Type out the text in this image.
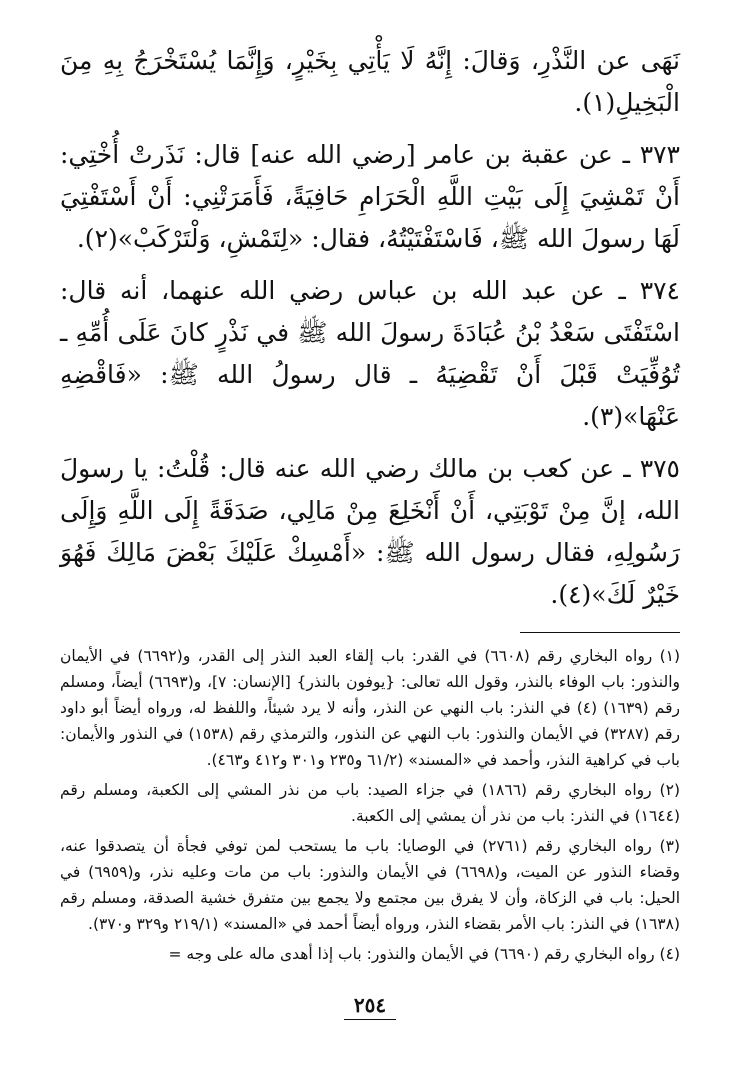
نَهَى عن النَّذْرِ، وَقالَ: إِنَّهُ لَا يَأْتِي بِخَيْرٍ، وَإِنَّمَا يُسْتَخْرَجُ بِهِ مِنَ الْبَخِيلِ(١).

٣٧٣ ـ عن عقبة بن عامر [رضي الله عنه] قال: نَذَرتْ أُخْتِي: أَنْ تَمْشِيَ إِلَى بَيْتِ اللَّهِ الْحَرَامِ حَافِيَةً، فَأَمَرَتْنِي: أَنْ أَسْتَفْتِيَ لَهَا رسولَ الله ﷺ، فَاسْتَفْتَيْتُهُ، فقال: «لِتَمْشِ، وَلْتَرْكَبْ»(٢).

٣٧٤ ـ عن عبد الله بن عباس رضي الله عنهما، أنه قال: اسْتَفْتَى سَعْدُ بْنُ عُبَادَةَ رسولَ الله ﷺ في نَذْرٍ كانَ عَلَى أُمِّهِ ـ تُوُفِّيَتْ قَبْلَ أَنْ تَقْضِيَهُ ـ قال رسولُ الله ﷺ: «فَاقْضِهِ عَنْهَا»(٣).

٣٧٥ ـ عن كعب بن مالك رضي الله عنه قال: قُلْتُ: يا رسولَ الله، إنَّ مِنْ تَوْبَتِي، أَنْ أَنْخَلِعَ مِنْ مَالِي، صَدَقَةً إِلَى اللَّهِ وَإِلَى رَسُولِهِ، فقال رسول الله ﷺ: «أَمْسِكْ عَلَيْكَ بَعْضَ مَالِكَ فَهُوَ خَيْرٌ لَكَ»(٤).

(١) رواه البخاري رقم (٦٦٠٨) في القدر: باب إلقاء العبد النذر إلى القدر، و(٦٦٩٢) في الأيمان والنذور: باب الوفاء بالنذر، وقول الله تعالى: {يوفون بالنذر} [الإنسان: ٧]، و(٦٦٩٣) أيضاً، ومسلم رقم (١٦٣٩) (٤) في النذر: باب النهي عن النذر، وأنه لا يرد شيئاً، واللفظ له، ورواه أيضاً أبو داود رقم (٣٢٨٧) في الأيمان والنذور: باب النهي عن النذور، والترمذي رقم (١٥٣٨) في النذور والأيمان: باب في كراهية النذر، وأحمد في «المسند» (٦١/٢ و٢٣٥ و٣٠١ و٤١٢ و٤٦٣).

(٢) رواه البخاري رقم (١٨٦٦) في جزاء الصيد: باب من نذر المشي إلى الكعبة، ومسلم رقم (١٦٤٤) في النذر: باب من نذر أن يمشي إلى الكعبة.

(٣) رواه البخاري رقم (٢٧٦١) في الوصايا: باب ما يستحب لمن توفي فجأة أن يتصدقوا عنه، وقضاء النذور عن الميت، و(٦٦٩٨) في الأيمان والنذور: باب من مات وعليه نذر، و(٦٩٥٩) في الحيل: باب في الزكاة، وأن لا يفرق بين مجتمع ولا يجمع بين متفرق خشية الصدقة، ومسلم رقم (١٦٣٨) في النذر: باب الأمر بقضاء النذر، ورواه أيضاً أحمد في «المسند» (٢١٩/١ و٣٢٩ و٣٧٠).

(٤) رواه البخاري رقم (٦٦٩٠) في الأيمان والنذور: باب إذا أهدى ماله على وجه =

٢٥٤
